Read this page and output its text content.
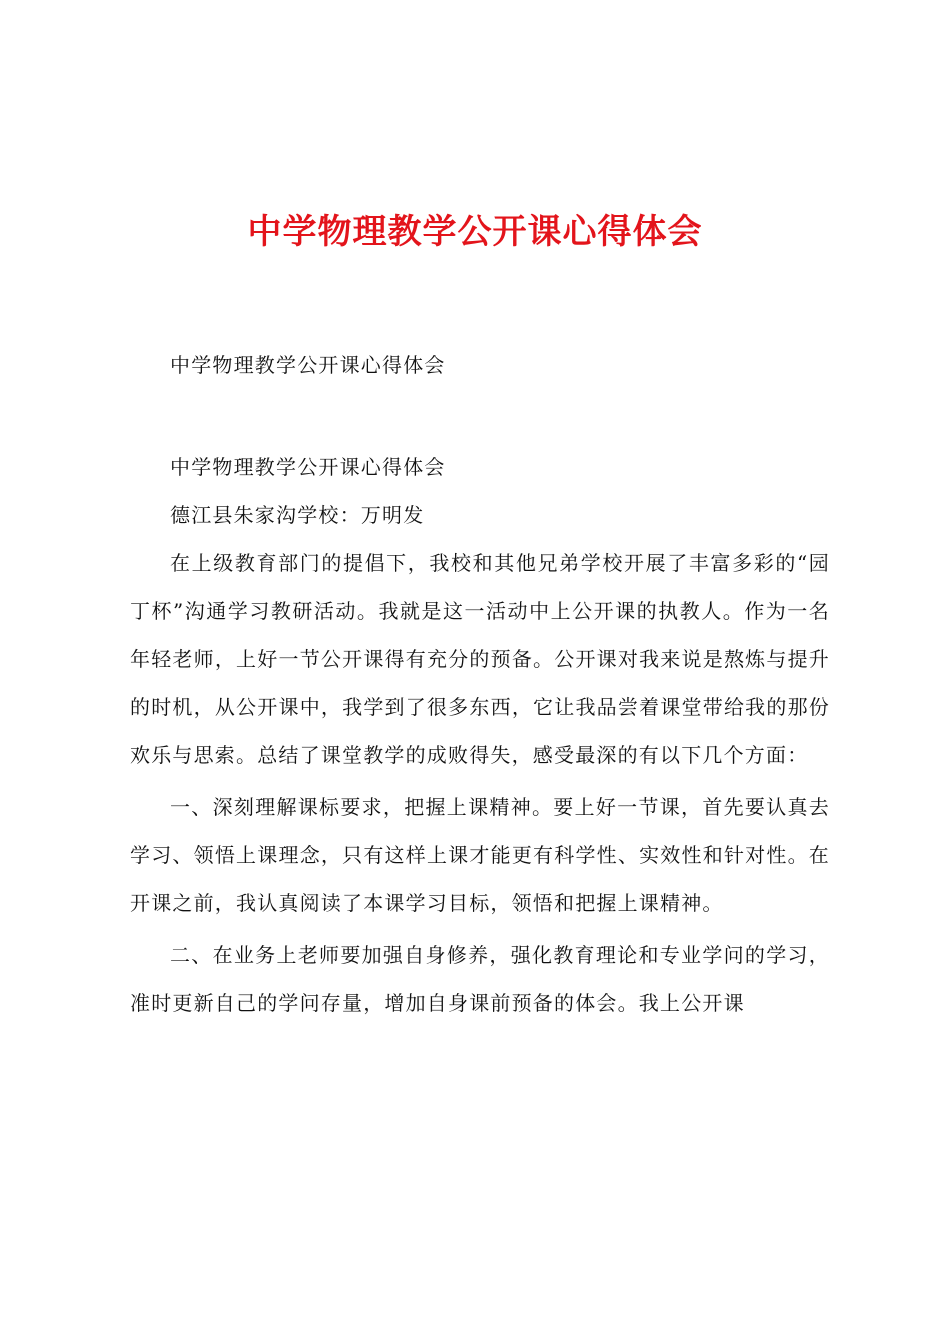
中学物理教学公开课心得体会

中学物理教学公开课心得体会

中学物理教学公开课心得体会

德江县朱家沟学校：万明发

在上级教育部门的提倡下，我校和其他兄弟学校开展了丰富多彩的“园丁杯”沟通学习教研活动。我就是这一活动中上公开课的执教人。作为一名年轻老师，上好一节公开课得有充分的预备。公开课对我来说是熬炼与提升的时机，从公开课中，我学到了很多东西，它让我品尝着课堂带给我的那份欢乐与思索。总结了课堂教学的成败得失，感受最深的有以下几个方面：

一、深刻理解课标要求，把握上课精神。要上好一节课，首先要认真去学习、领悟上课理念，只有这样上课才能更有科学性、实效性和针对性。在开课之前，我认真阅读了本课学习目标，领悟和把握上课精神。

二、在业务上老师要加强自身修养，强化教育理论和专业学问的学习，准时更新自己的学问存量，增加自身课前预备的体会。我上公开课
